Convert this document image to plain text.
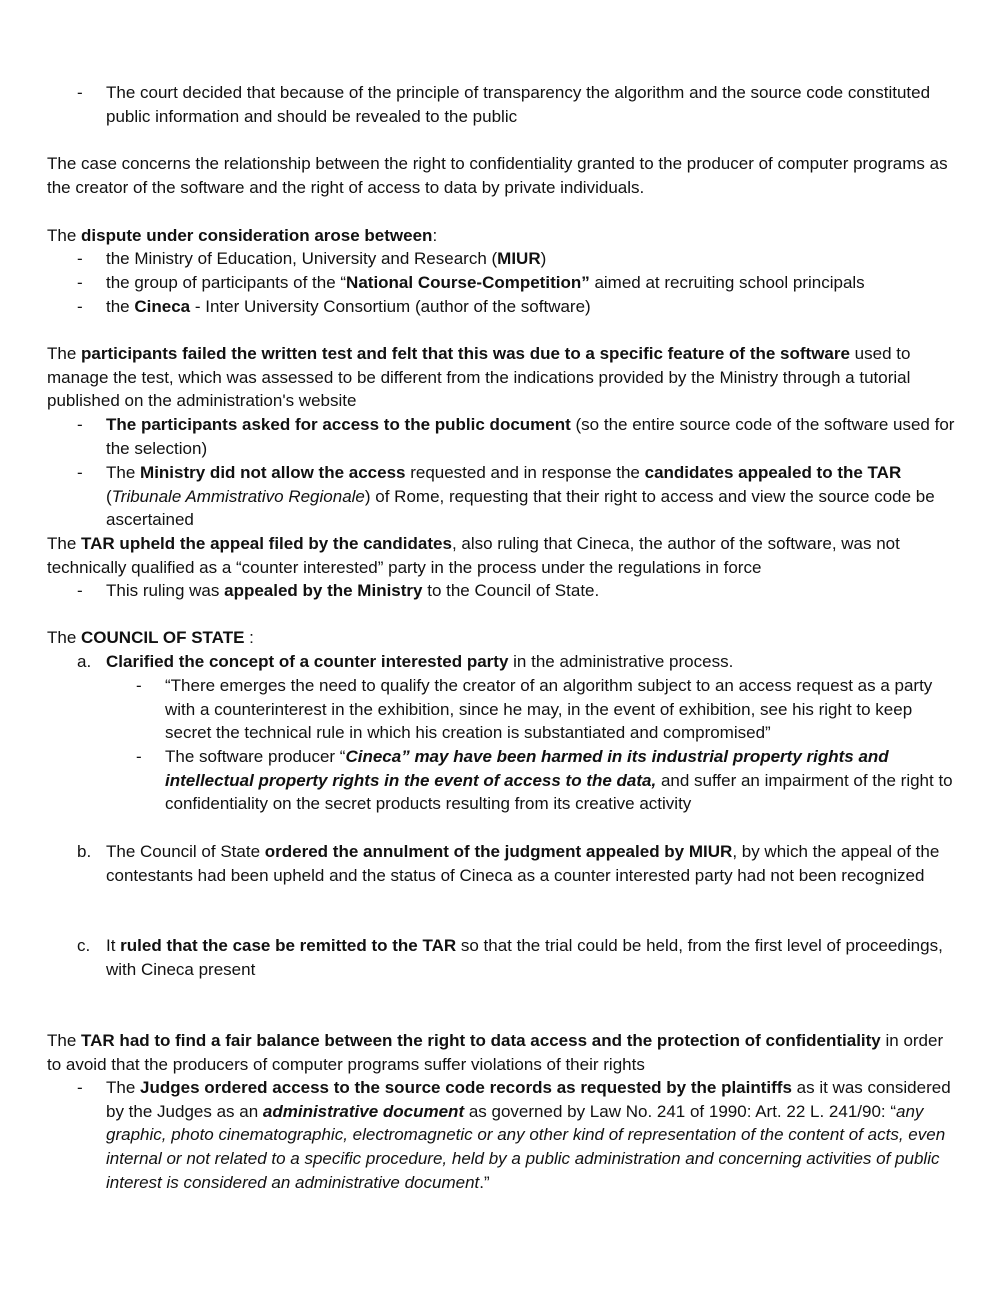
-	The court decided that because of the principle of transparency the algorithm and the source code constituted public information and should be revealed to the public

The case concerns the relationship between the right to confidentiality granted to the producer of computer programs as the creator of the software and the right of access to data by private individuals.

The dispute under consideration arose between:

-	the Ministry of Education, University and Research (MIUR)

-	the group of participants of the “National Course-Competition” aimed at recruiting school principals

-	the Cineca - Inter University Consortium (author of the software)

The participants failed the written test and felt that this was due to a specific feature of the software used to manage the test, which was assessed to be different from the indications provided by the Ministry through a tutorial published on the administration's website

-	The participants asked for access to the public document (so the entire source code of the software used for the selection)

-	The Ministry did not allow the access requested and in response the candidates appealed to the TAR (Tribunale Ammistrativo Regionale) of Rome, requesting that their right to access and view the source code be ascertained

The TAR upheld the appeal filed by the candidates, also ruling that Cineca, the author of the software, was not technically qualified as a “counter interested” party in the process under the regulations in force

-	This ruling was appealed by the Ministry to the Council of State.

The COUNCIL OF STATE :

a. Clarified the concept of a counter interested party in the administrative process.

-	“There emerges the need to qualify the creator of an algorithm subject to an access request as a party with a counterinterest in the exhibition, since he may, in the event of exhibition, see his right to keep secret the technical rule in which his creation is substantiated and compromised”

-	The software producer “Cineca” may have been harmed in its industrial property rights and intellectual property rights in the event of access to the data, and suffer an impairment of the right to confidentiality on the secret products resulting from its creative activity

b. The Council of State ordered the annulment of the judgment appealed by MIUR, by which the appeal of the contestants had been upheld and the status of Cineca as a counter interested party had not been recognized

c. It ruled that the case be remitted to the TAR so that the trial could be held, from the first level of proceedings, with Cineca present

The TAR had to find a fair balance between the right to data access and the protection of confidentiality in order to avoid that the producers of computer programs suffer violations of their rights

-	The Judges ordered access to the source code records as requested by the plaintiffs as it was considered by the Judges as an administrative document as governed by Law No. 241 of 1990: Art. 22 L. 241/90: “any graphic, photo cinematographic, electromagnetic or any other kind of representation of the content of acts, even internal or not related to a specific procedure, held by a public administration and concerning activities of public interest is considered an administrative document.”
